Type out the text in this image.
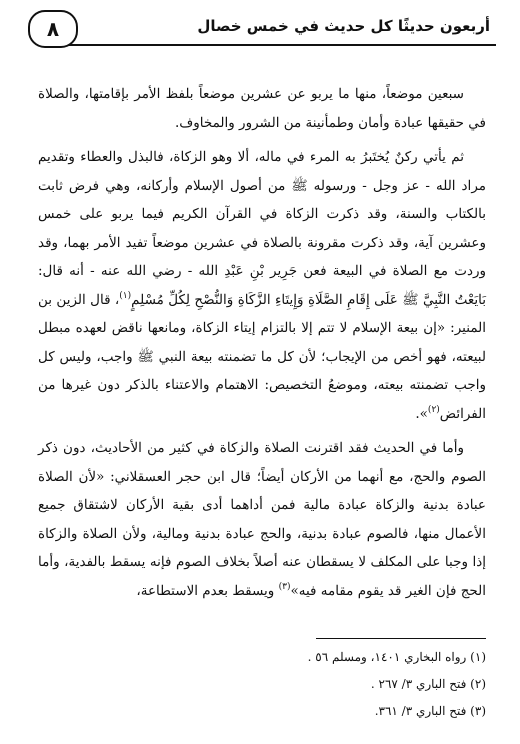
أربعون حديثًا كل حديث في خمس خصال
٨

سبعين موضعاً، منها ما يربو عن عشرين موضعاً بلفظ الأمر بإقامتها، والصلاة في حقيقها عبادة وأمان وطمأنينة من الشرور والمخاوف.

ثم يأتي ركنٌ يُختَبرُ به المرء في ماله، ألا وهو الزكاة، فالبذل والعطاء وتقديم مراد الله - عز وجل - ورسوله ﷺ من أصول الإسلام وأركانه، وهي فرض ثابت بالكتاب والسنة، وقد ذكرت الزكاة في القرآن الكريم فيما يربو على خمس وعشرين آية، وقد ذكرت مقرونة بالصلاة في عشرين موضعاً تفيد الأمر بهما، وقد وردت مع الصلاة في البيعة فعن جَرِير بْنِ عَبْدِ الله - رضي الله عنه - أنه قال: بَايَعْتُ النَّبِيَّ ﷺ عَلَى إِقَامِ الصَّلَاةِ وَإِيتَاءِ الزَّكَاةِ وَالنُّصْحِ لِكُلِّ مُسْلِمٍ$^{(١)}$، قال الزين بن المنير: «إن بيعة الإسلام لا تتم إلا بالتزام إيتاء الزكاة، ومانعها ناقض لعهده مبطل لبيعته، فهو أخص من الإيجاب؛ لأن كل ما تضمنته بيعة النبي ﷺ واجب، وليس كل واجب تضمنته بيعته، وموضعُ التخصيص: الاهتمام والاعتناء بالذكر دون غيرها من الفرائض$^{(٢)}$».

وأما في الحديث فقد اقترنت الصلاة والزكاة في كثير من الأحاديث، دون ذكر الصوم والحج، مع أنهما من الأركان أيضاً؛ قال ابن حجر العسقلاني: «لأن الصلاة عبادة بدنية والزكاة عبادة مالية فمن أداهما أدى بقية الأركان لاشتقاق جميع الأعمال منها، فالصوم عبادة بدنية، والحج عبادة بدنية ومالية، ولأن الصلاة والزكاة إذا وجبا على المكلف لا يسقطان عنه أصلاً بخلاف الصوم فإنه يسقط بالفدية، وأما الحج فإن الغير قد يقوم مقامه فيه»$^{(٣)}$ ويسقط بعدم الاستطاعة،

(١) رواه البخاري ١٤٠١، ومسلم ٥٦ .
(٢) فتح الباري ٣/ ٢٦٧ .
(٣) فتح الباري ٣/ ٣٦١.
